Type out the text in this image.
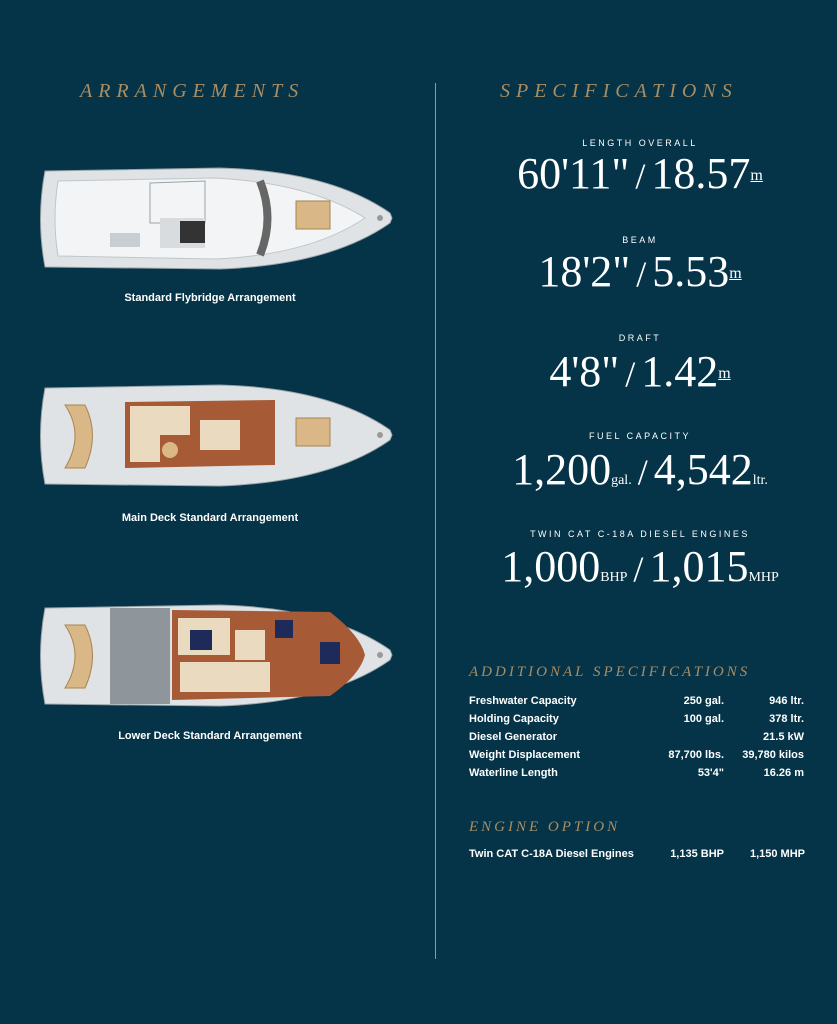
ARRANGEMENTS
Standard Flybridge Arrangement
Main Deck Standard Arrangement
Lower Deck Standard Arrangement
SPECIFICATIONS
LENGTH OVERALL
60'11" / 18.57m
BEAM
18'2" / 5.53m
DRAFT
4'8" / 1.42m
FUEL CAPACITY
1,200gal. / 4,542ltr.
TWIN CAT C-18A DIESEL ENGINES
1,000BHP / 1,015MHP
ADDITIONAL SPECIFICATIONS
Freshwater Capacity	250 gal.	946 ltr.
Holding Capacity	100 gal.	378 ltr.
Diesel Generator		21.5 kW
Weight Displacement	87,700 lbs.	39,780 kilos
Waterline Length	53'4"	16.26 m
ENGINE OPTION
Twin CAT C-18A Diesel Engines	1,135 BHP	1,150 MHP
